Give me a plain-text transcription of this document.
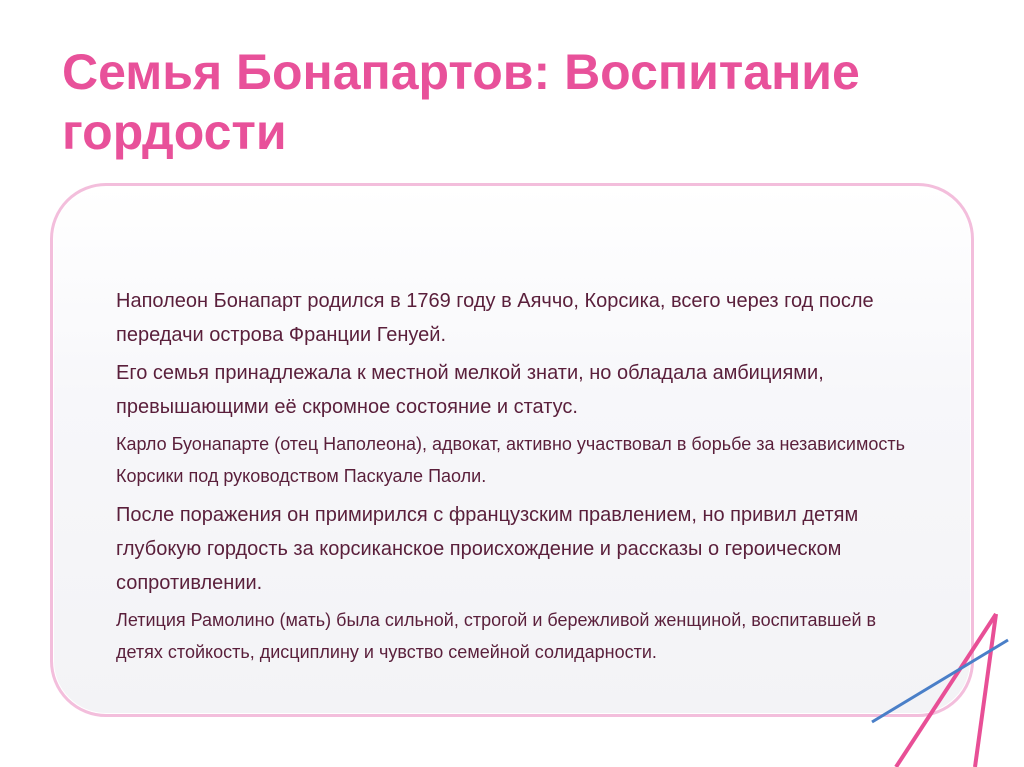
Семья Бонапартов: Воспитание гордости

Наполеон Бонапарт родился в 1769 году в Аяччо, Корсика, всего через год после передачи острова Франции Генуей.

Его семья принадлежала к местной мелкой знати, но обладала амбициями, превышающими её скромное состояние и статус.

Карло Буонапарте (отец Наполеона), адвокат, активно участвовал в борьбе за независимость Корсики под руководством Паскуале Паоли.

После поражения он примирился с французским правлением, но привил детям глубокую гордость за корсиканское происхождение и рассказы о героическом сопротивлении.

Летиция Рамолино (мать) была сильной, строгой и бережливой женщиной, воспитавшей в детях стойкость, дисциплину и чувство семейной солидарности.
